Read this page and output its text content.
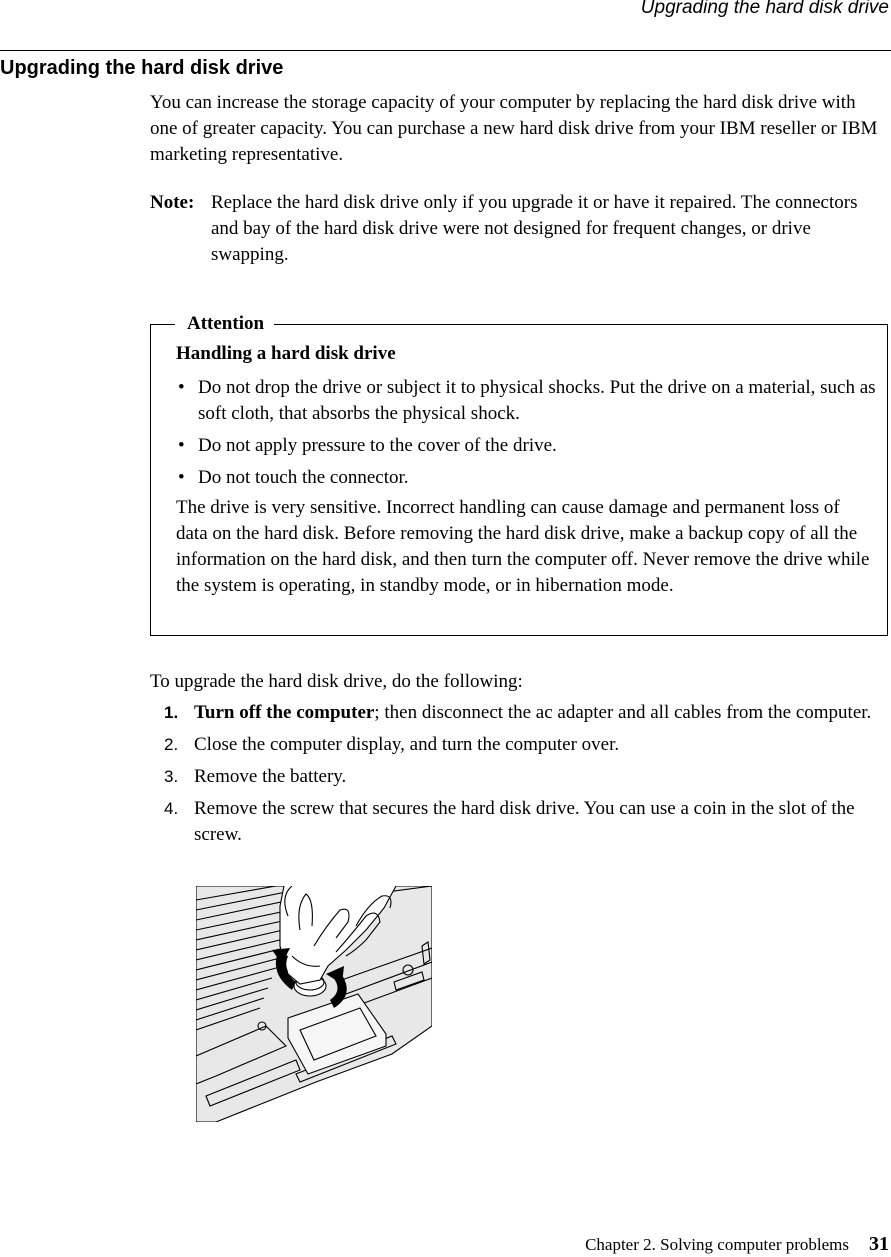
Upgrading the hard disk drive
Upgrading the hard disk drive
You can increase the storage capacity of your computer by replacing the hard disk drive with one of greater capacity. You can purchase a new hard disk drive from your IBM reseller or IBM marketing representative.
Note: Replace the hard disk drive only if you upgrade it or have it repaired. The connectors and bay of the hard disk drive were not designed for frequent changes, or drive swapping.
Attention
Handling a hard disk drive
• Do not drop the drive or subject it to physical shocks. Put the drive on a material, such as soft cloth, that absorbs the physical shock.
• Do not apply pressure to the cover of the drive.
• Do not touch the connector.
The drive is very sensitive. Incorrect handling can cause damage and permanent loss of data on the hard disk. Before removing the hard disk drive, make a backup copy of all the information on the hard disk, and then turn the computer off. Never remove the drive while the system is operating, in standby mode, or in hibernation mode.
To upgrade the hard disk drive, do the following:
1. Turn off the computer; then disconnect the ac adapter and all cables from the computer.
2. Close the computer display, and turn the computer over.
3. Remove the battery.
4. Remove the screw that secures the hard disk drive. You can use a coin in the slot of the screw.
Chapter 2. Solving computer problems 31
